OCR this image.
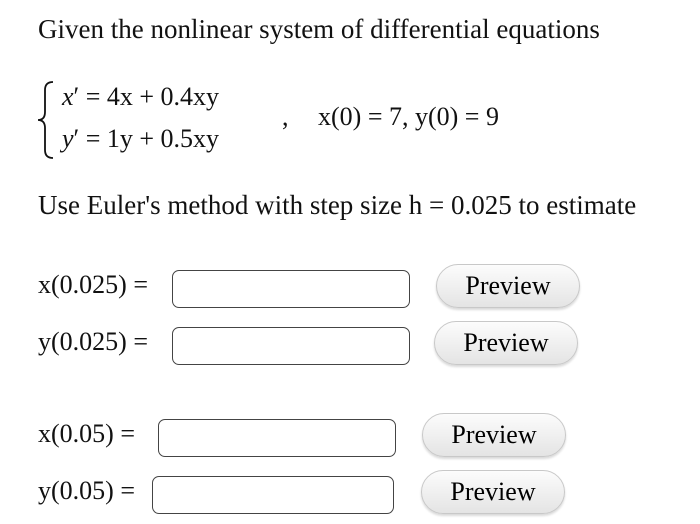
Given the nonlinear system of differential equations
x′ = 4x + 0.4xy
y′ = 1y + 0.5xy
, x(0) = 7, y(0) = 9
Use Euler's method with step size h = 0.025 to estimate
x(0.025) =	Preview
y(0.025) =	Preview
x(0.05) =	Preview
y(0.05) =	Preview
